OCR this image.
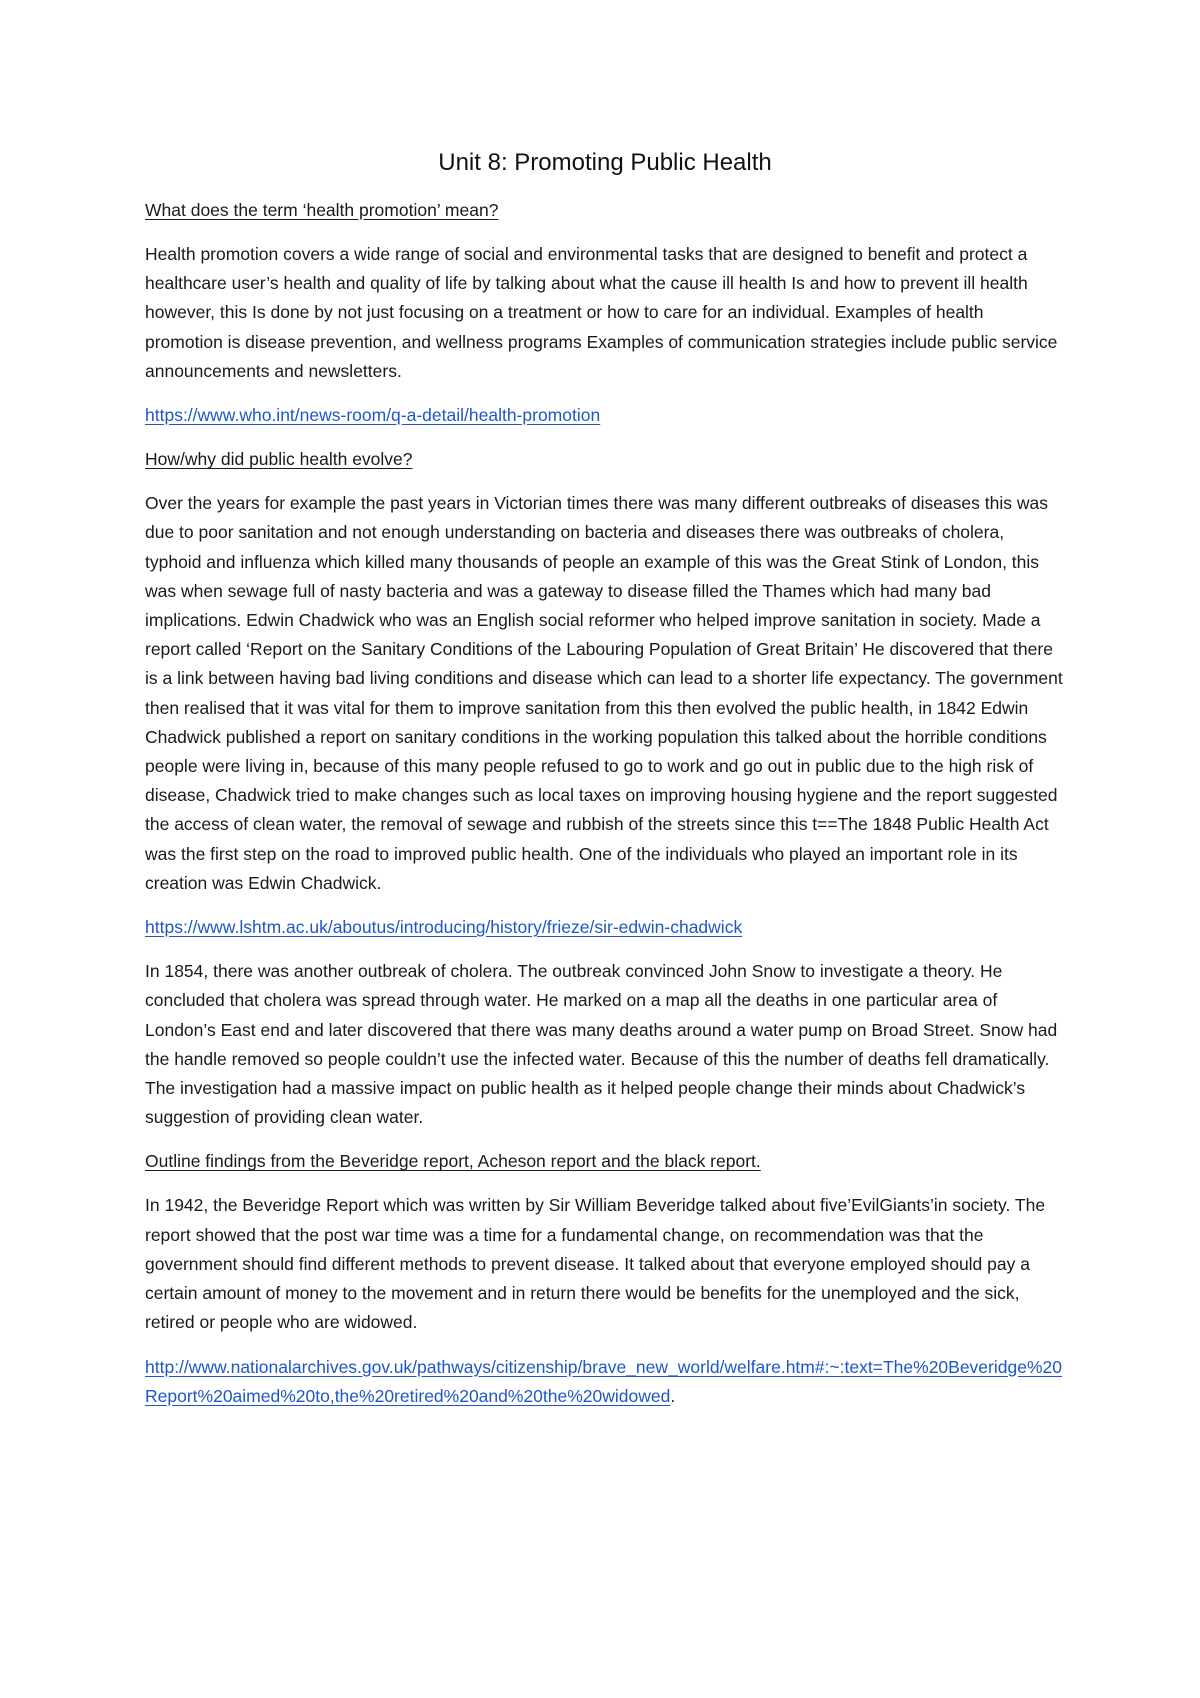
Unit 8: Promoting Public Health

What does the term ‘health promotion’ mean?

Health promotion covers a wide range of social and environmental tasks that are designed to benefit and protect a healthcare user’s health and quality of life by talking about what the cause ill health Is and how to prevent ill health however, this Is done by not just focusing on a treatment or how to care for an individual. Examples of health promotion is disease prevention, and wellness programs Examples of communication strategies include public service announcements and newsletters.

https://www.who.int/news-room/q-a-detail/health-promotion

How/why did public health evolve?

Over the years for example the past years in Victorian times there was many different outbreaks of diseases this was due to poor sanitation and not enough understanding on bacteria and diseases there was outbreaks of cholera, typhoid and influenza which killed many thousands of people an example of this was the Great Stink of London, this was when sewage full of nasty bacteria and was a gateway to disease filled the Thames which had many bad implications. Edwin Chadwick who was an English social reformer who helped improve sanitation in society. Made a report called ‘Report on the Sanitary Conditions of the Labouring Population of Great Britain’ He discovered that there is a link between having bad living conditions and disease which can lead to a shorter life expectancy. The government then realised that it was vital for them to improve sanitation from this then evolved the public health, in 1842 Edwin Chadwick published a report on sanitary conditions in the working population this talked about the horrible conditions people were living in, because of this many people refused to go to work and go out in public due to the high risk of disease, Chadwick tried to make changes such as local taxes on improving housing hygiene and the report suggested the access of clean water, the removal of sewage and rubbish of the streets since this t==The 1848 Public Health Act was the first step on the road to improved public health. One of the individuals who played an important role in its creation was Edwin Chadwick.

https://www.lshtm.ac.uk/aboutus/introducing/history/frieze/sir-edwin-chadwick

In 1854, there was another outbreak of cholera. The outbreak convinced John Snow to investigate a theory. He concluded that cholera was spread through water. He marked on a map all the deaths in one particular area of London’s East end and later discovered that there was many deaths around a water pump on Broad Street. Snow had the handle removed so people couldn’t use the infected water. Because of this the number of deaths fell dramatically. The investigation had a massive impact on public health as it helped people change their minds about Chadwick’s suggestion of providing clean water.

Outline findings from the Beveridge report, Acheson report and the black report.

In 1942, the Beveridge Report which was written by Sir William Beveridge talked about five’EvilGiants’in society. The report showed that the post war time was a time for a fundamental change, on recommendation was that the government should find different methods to prevent disease. It talked about that everyone employed should pay a certain amount of money to the movement and in return there would be benefits for the unemployed and the sick, retired or people who are widowed.

http://www.nationalarchives.gov.uk/pathways/citizenship/brave_new_world/welfare.htm#:~:text=The%20Beveridge%20Report%20aimed%20to,the%20retired%20and%20the%20widowed.
